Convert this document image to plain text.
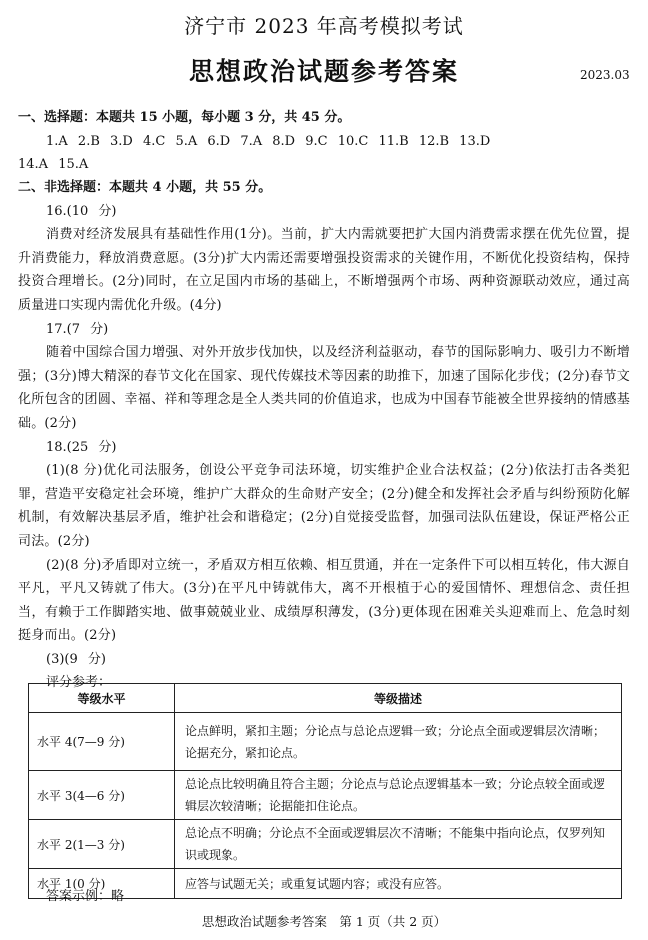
济宁市 2023 年高考模拟考试
思想政治试题参考答案	2023.03

一、选择题：本题共 15 小题，每小题 3 分，共 45 分。

1.A 2.B 3.D 4.C 5.A 6.D 7.A 8.D 9.C 10.C 11.B 12.B 13.D

14.A 15.A

二、非选择题：本题共 4 小题，共 55 分。

16.(10 分)

消费对经济发展具有基础性作用(1分)。当前，扩大内需就要把扩大国内消费需求摆在优先位置，提升消费能力，释放消费意愿。(3分)扩大内需还需要增强投资需求的关键作用，不断优化投资结构，保持投资合理增长。(2分)同时，在立足国内市场的基础上，不断增强两个市场、两种资源联动效应，通过高质量进口实现内需优化升级。(4分)

17.(7 分)

随着中国综合国力增强、对外开放步伐加快，以及经济利益驱动，春节的国际影响力、吸引力不断增强；(3分)博大精深的春节文化在国家、现代传媒技术等因素的助推下，加速了国际化步伐；(2分)春节文化所包含的团圆、幸福、祥和等理念是全人类共同的价值追求，也成为中国春节能被全世界接纳的情感基础。(2分)

18.(25 分)

(1)(8 分)优化司法服务，创设公平竞争司法环境，切实维护企业合法权益；(2分)依法打击各类犯罪，营造平安稳定社会环境，维护广大群众的生命财产安全；(2分)健全和发挥社会矛盾与纠纷预防化解机制，有效解决基层矛盾，维护社会和谐稳定；(2分)自觉接受监督，加强司法队伍建设，保证严格公正司法。(2分)

(2)(8 分)矛盾即对立统一，矛盾双方相互依赖、相互贯通，并在一定条件下可以相互转化，伟大源自平凡，平凡又铸就了伟大。(3分)在平凡中铸就伟大，离不开根植于心的爱国情怀、理想信念、责任担当，有赖于工作脚踏实地、做事兢兢业业、成绩厚积薄发，(3分)更体现在困难关头迎难而上、危急时刻挺身而出。(2分)

(3)(9 分)

评分参考：

等级水平	等级描述
水平 4(7—9 分)	论点鲜明，紧扣主题；分论点与总论点逻辑一致；分论点全面或逻辑层次清晰；论据充分，紧扣论点。
水平 3(4—6 分)	总论点比较明确且符合主题；分论点与总论点逻辑基本一致；分论点较全面或逻辑层次较清晰；论据能扣住论点。
水平 2(1—3 分)	总论点不明确；分论点不全面或逻辑层次不清晰；不能集中指向论点，仅罗列知识或现象。
水平 1(0 分)	应答与试题无关；或重复试题内容；或没有应答。
答案示例：略
思想政治试题参考答案　第 1 页（共 2 页）
